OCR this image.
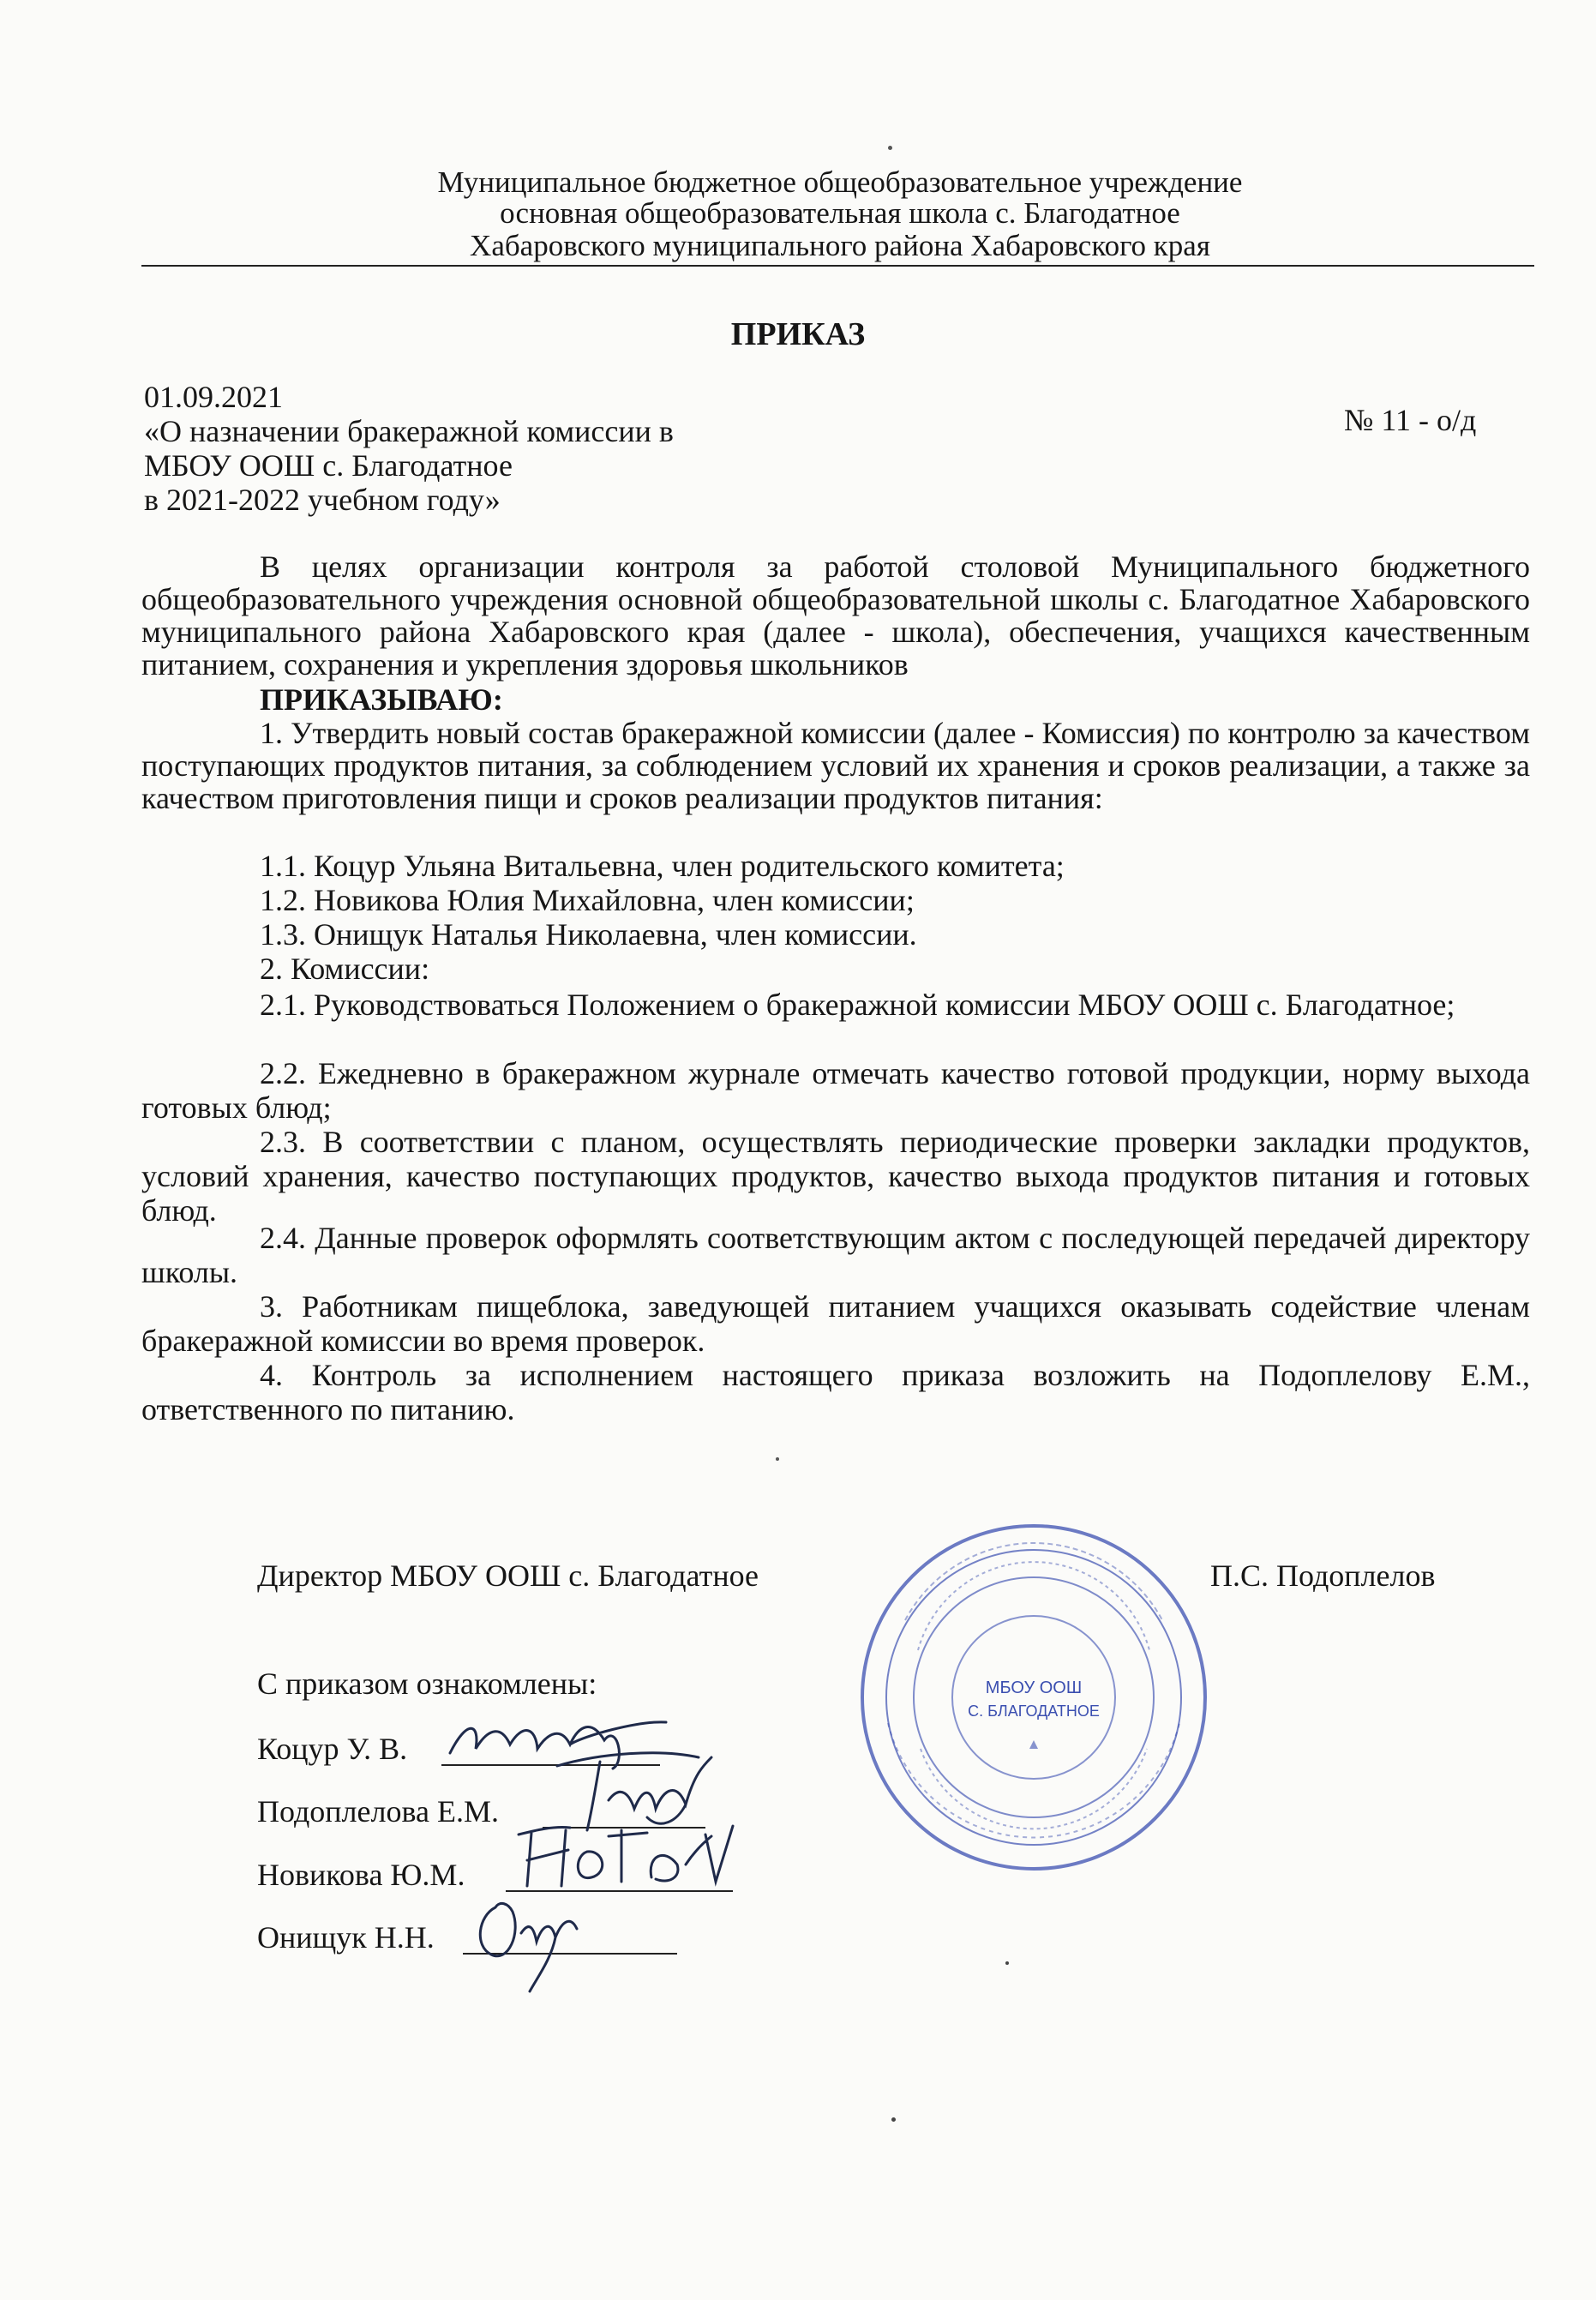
Муниципальное бюджетное общеобразовательное учреждение
основная общеобразовательная школа с. Благодатное
Хабаровского муниципального района Хабаровского края
ПРИКАЗ
01.09.2021
№ 11 - о/д
«О назначении бракеражной комиссии в
МБОУ ООШ с. Благодатное
в 2021-2022 учебном году»
В целях организации контроля за работой столовой Муниципального бюджетного общеобразовательного учреждения основной общеобразовательной школы с. Благодатное Хабаровского муниципального района Хабаровского края (далее - школа), обеспечения, учащихся качественным питанием, сохранения и укрепления здоровья школьников
ПРИКАЗЫВАЮ:
1. Утвердить новый состав бракеражной комиссии (далее - Комиссия) по контролю за качеством поступающих продуктов питания, за соблюдением условий их хранения и сроков реализации, а также за качеством приготовления пищи и сроков реализации продуктов питания:
1.1. Коцур Ульяна Витальевна, член родительского комитета;
1.2. Новикова Юлия Михайловна, член комиссии;
1.3. Онищук Наталья Николаевна, член комиссии.
2. Комиссии:
2.1. Руководствоваться Положением о бракеражной комиссии МБОУ ООШ с. Благодатное;
2.2. Ежедневно в бракеражном журнале отмечать качество готовой продукции, норму выхода готовых блюд;
2.3. В соответствии с планом, осуществлять периодические проверки закладки продуктов, условий хранения, качество поступающих продуктов, качество выхода продуктов питания и готовых блюд.
2.4. Данные проверок оформлять соответствующим актом с последующей передачей директору школы.
3. Работникам пищеблока, заведующей питанием учащихся оказывать содействие членам бракеражной комиссии во время проверок.
4. Контроль за исполнением настоящего приказа возложить на Подоплелову Е.М., ответственного по питанию.
Директор МБОУ ООШ с. Благодатное	П.С. Подоплелов
С приказом ознакомлены:
Коцур У. В.
Подоплелова Е.М.
Новикова Ю.М.
Онищук Н.Н.
МБОУ ООШ
С. БЛАГОДАТНОЕ
